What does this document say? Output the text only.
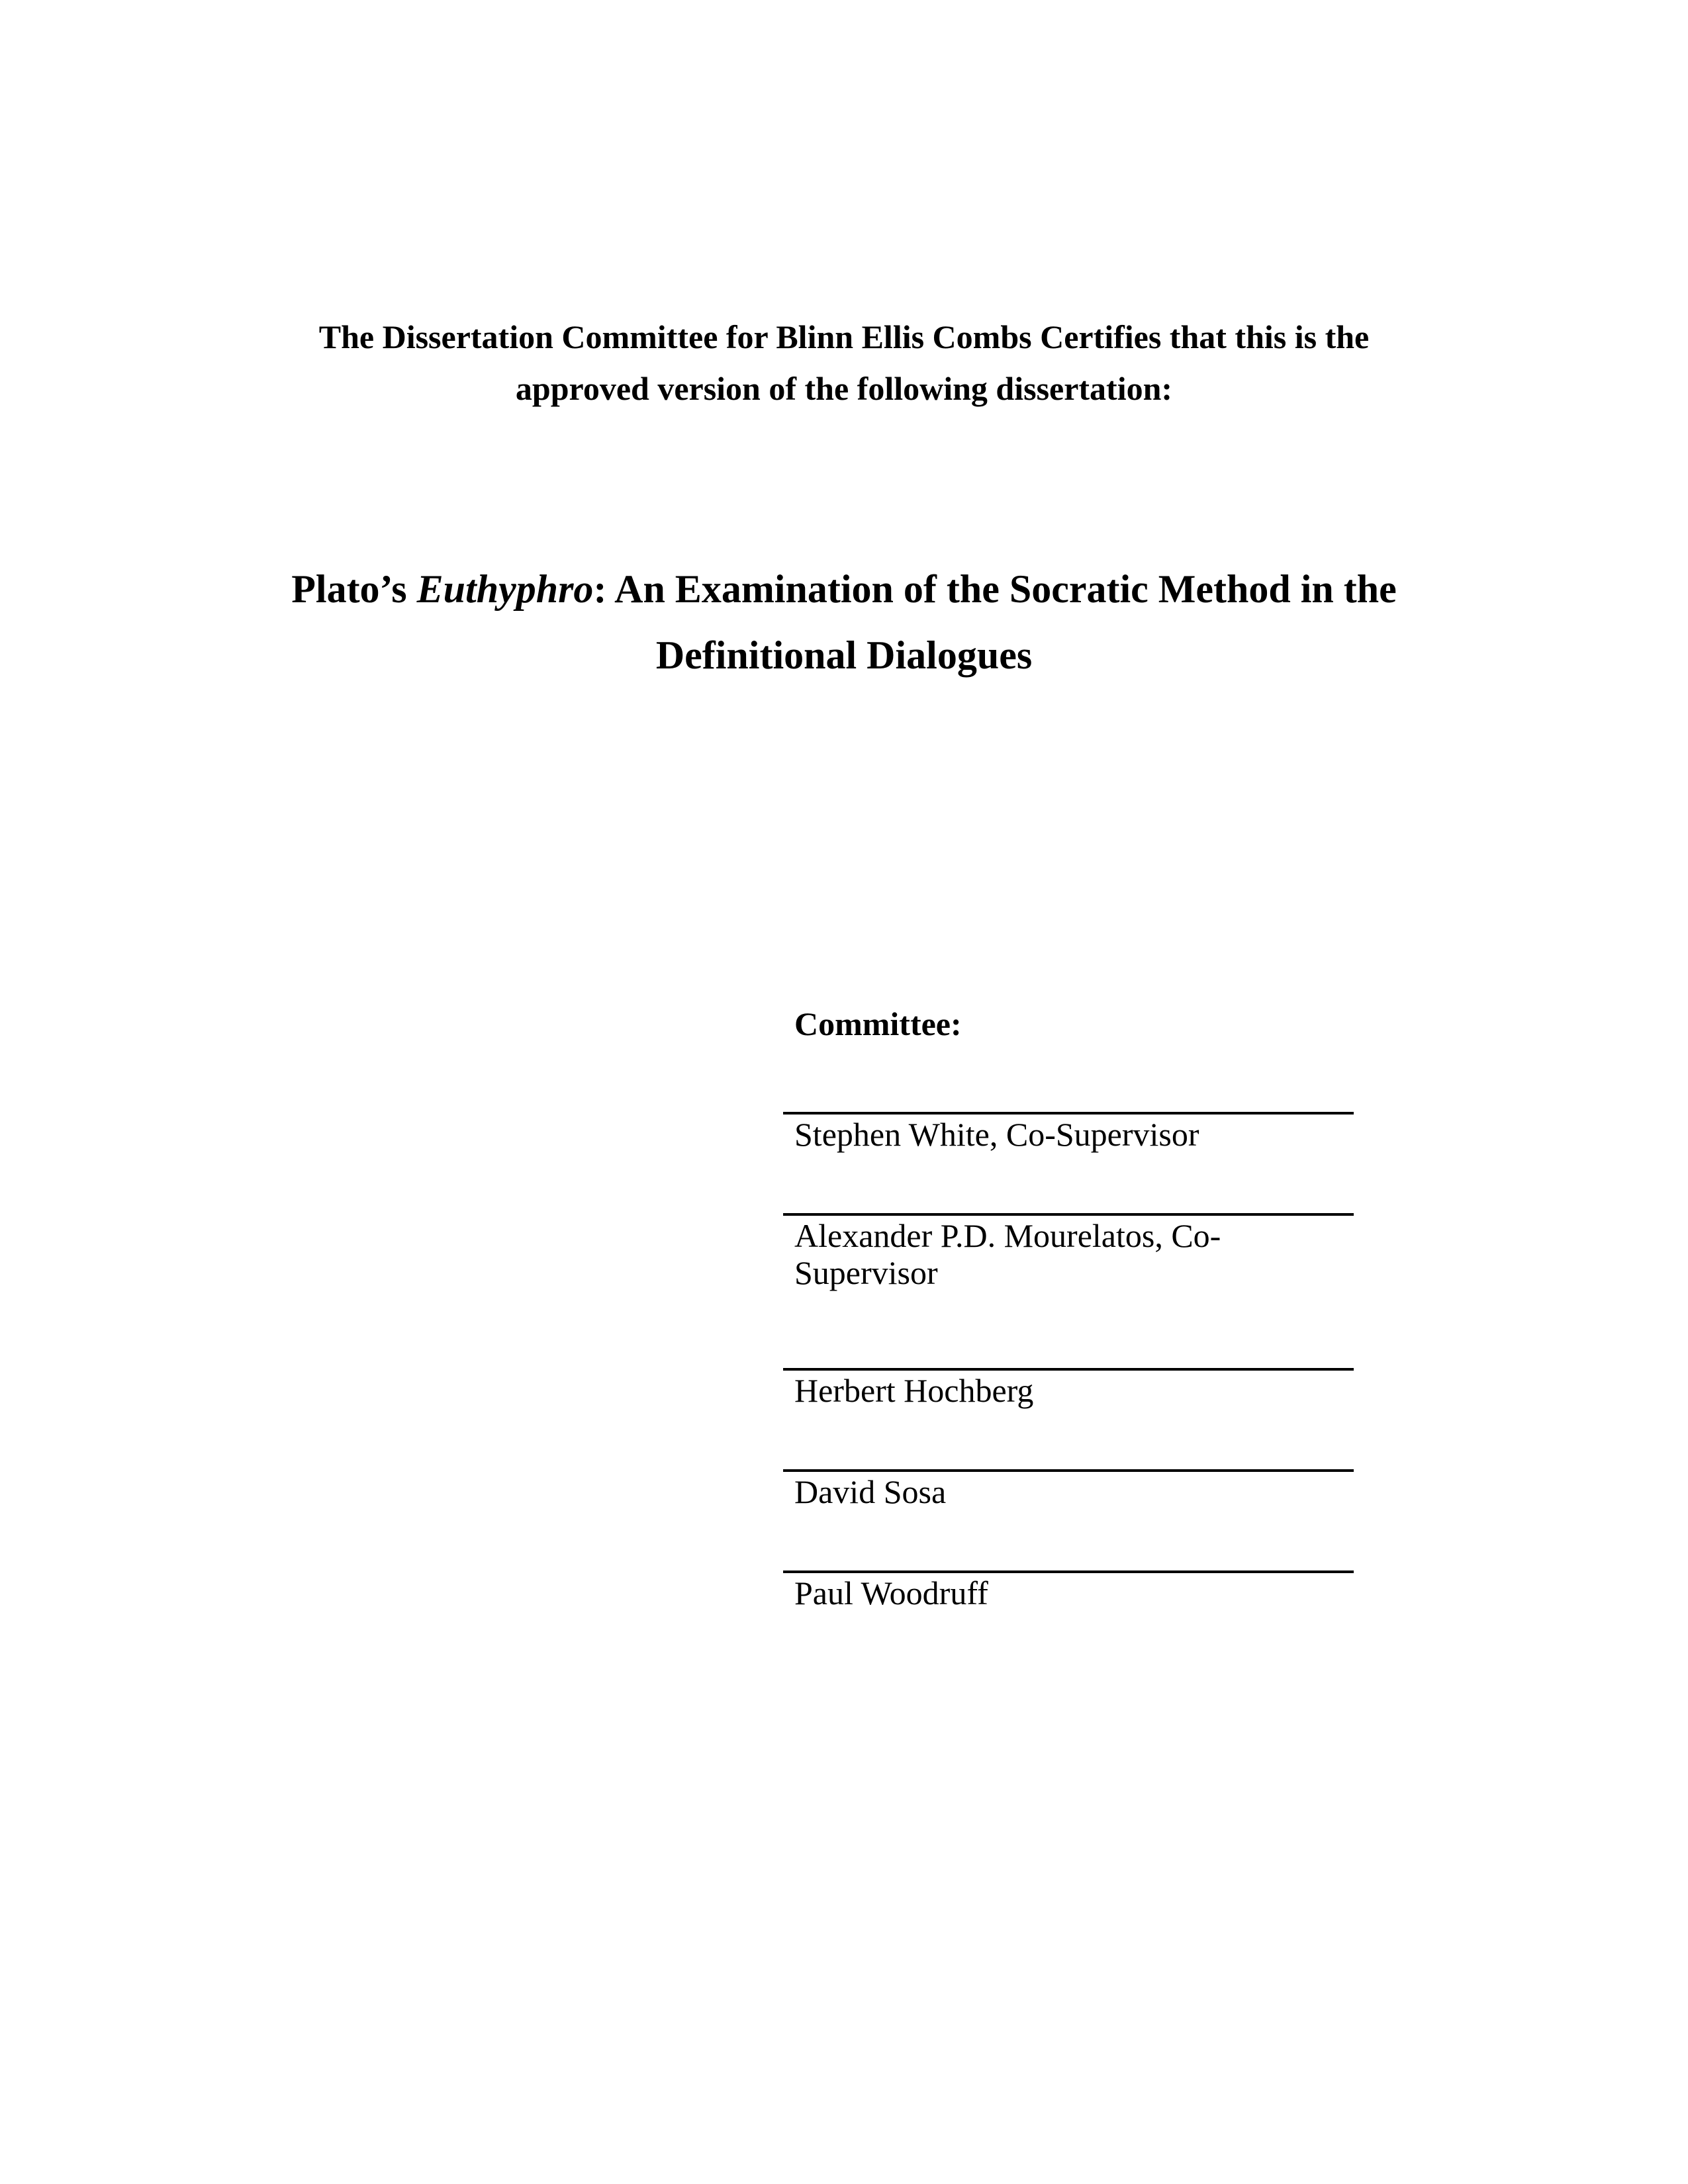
The Dissertation Committee for Blinn Ellis Combs Certifies that this is the
approved version of the following dissertation:
Plato’s Euthyphro: An Examination of the Socratic Method in the
Definitional Dialogues
Committee:
Stephen White, Co-Supervisor
Alexander P.D. Mourelatos, Co-Supervisor
Herbert Hochberg
David Sosa
Paul Woodruff
